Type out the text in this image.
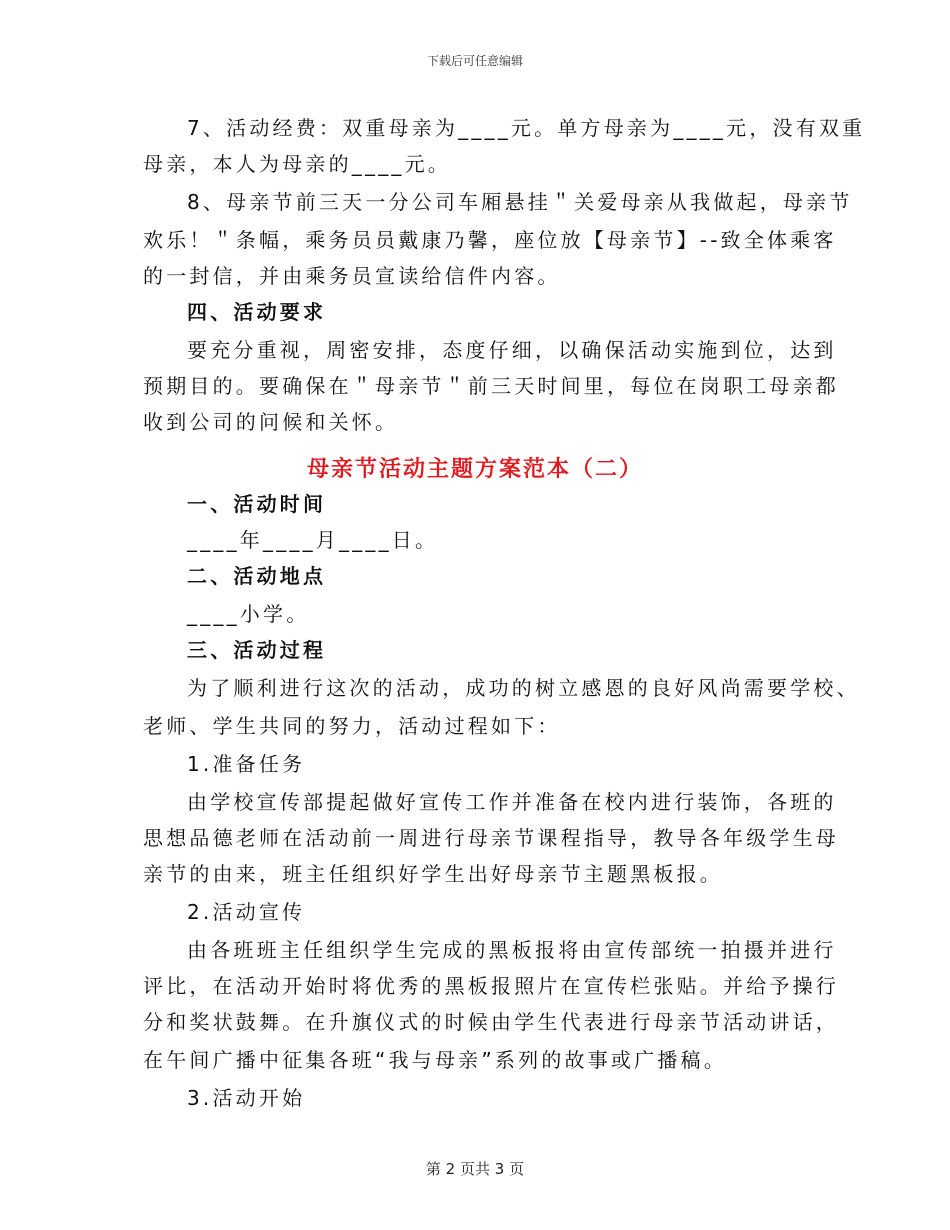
下载后可任意编辑
7、活动经费：双重母亲为____元。单方母亲为____元，没有双重
母亲，本人为母亲的____元。
8、母亲节前三天一分公司车厢悬挂＂关爱母亲从我做起，母亲节
欢乐！＂条幅，乘务员员戴康乃馨，座位放【母亲节】--致全体乘客
的一封信，并由乘务员宣读给信件内容。
四、活动要求
要充分重视，周密安排，态度仔细，以确保活动实施到位，达到
预期目的。要确保在＂母亲节＂前三天时间里，每位在岗职工母亲都
收到公司的问候和关怀。
母亲节活动主题方案范本（二）
一、活动时间
____年____月____日。
二、活动地点
____小学。
三、活动过程
为了顺利进行这次的活动，成功的树立感恩的良好风尚需要学校、
老师、学生共同的努力，活动过程如下：
1.准备任务
由学校宣传部提起做好宣传工作并准备在校内进行装饰，各班的
思想品德老师在活动前一周进行母亲节课程指导，教导各年级学生母
亲节的由来，班主任组织好学生出好母亲节主题黑板报。
2.活动宣传
由各班班主任组织学生完成的黑板报将由宣传部统一拍摄并进行
评比，在活动开始时将优秀的黑板报照片在宣传栏张贴。并给予操行
分和奖状鼓舞。在升旗仪式的时候由学生代表进行母亲节活动讲话，
在午间广播中征集各班“我与母亲”系列的故事或广播稿。
3.活动开始
第 2 页共 3 页
